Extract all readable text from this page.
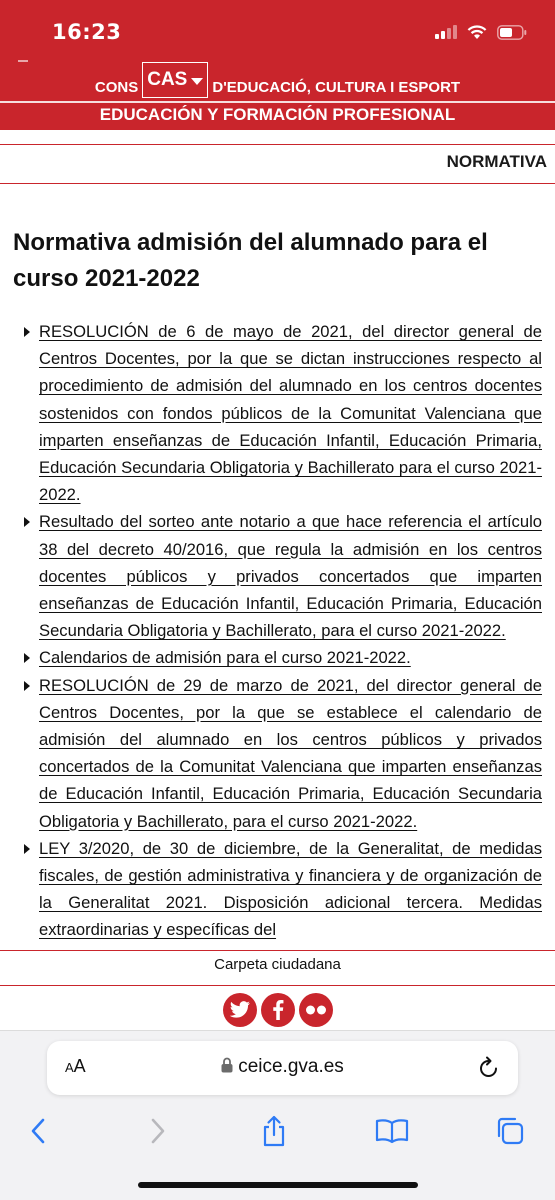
16:23
CONS CAS D'EDUCACIÓ, CULTURA I ESPORT
EDUCACIÓN Y FORMACIÓN PROFESIONAL
NORMATIVA
Normativa admisión del alumnado para el curso 2021-2022
RESOLUCIÓN de 6 de mayo de 2021, del director general de Centros Docentes, por la que se dictan instrucciones respecto al procedimiento de admisión del alumnado en los centros docentes sostenidos con fondos públicos de la Comunitat Valenciana que imparten enseñanzas de Educación Infantil, Educación Primaria, Educación Secundaria Obligatoria y Bachillerato para el curso 2021-2022.
Resultado del sorteo ante notario a que hace referencia el artículo 38 del decreto 40/2016, que regula la admisión en los centros docentes públicos y privados concertados que imparten enseñanzas de Educación Infantil, Educación Primaria, Educación Secundaria Obligatoria y Bachillerato, para el curso 2021-2022.
Calendarios de admisión para el curso 2021-2022.
RESOLUCIÓN de 29 de marzo de 2021, del director general de Centros Docentes, por la que se establece el calendario de admisión del alumnado en los centros públicos y privados concertados de la Comunitat Valenciana que imparten enseñanzas de Educación Infantil, Educación Primaria, Educación Secundaria Obligatoria y Bachillerato, para el curso 2021-2022.
LEY 3/2020, de 30 de diciembre, de la Generalitat, de medidas fiscales, de gestión administrativa y financiera y de organización de la Generalitat 2021. Disposición adicional tercera. Medidas extraordinarias y específicas del
Carpeta ciudadana
AA	ceice.gva.es
